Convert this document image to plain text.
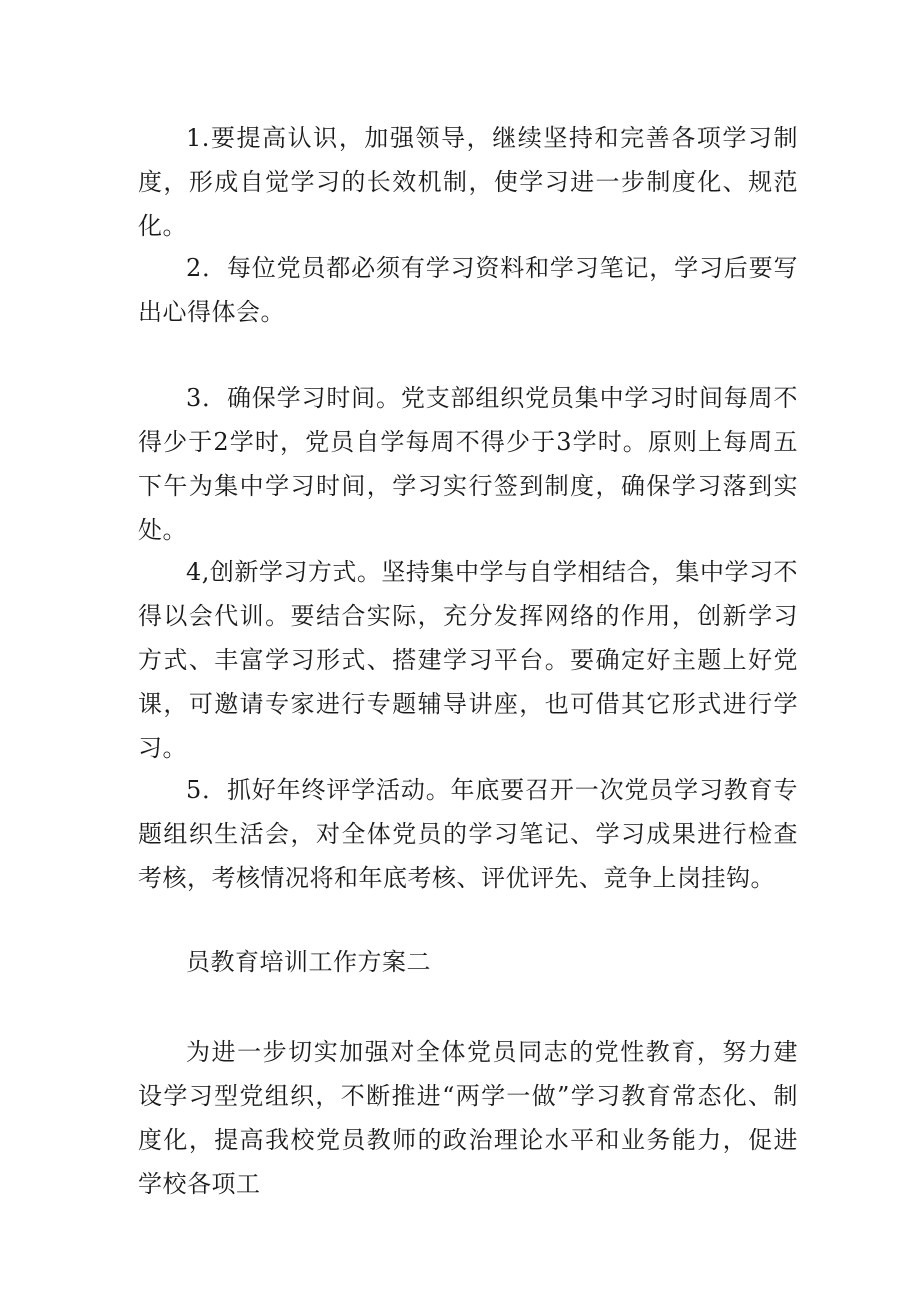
1.要提高认识，加强领导，继续坚持和完善各项学习制度，形成自觉学习的长效机制，使学习进一步制度化、规范化。

2．每位党员都必须有学习资料和学习笔记，学习后要写出心得体会。

3．确保学习时间。党支部组织党员集中学习时间每周不得少于2学时，党员自学每周不得少于3学时。原则上每周五下午为集中学习时间，学习实行签到制度，确保学习落到实处。

4,创新学习方式。坚持集中学与自学相结合，集中学习不得以会代训。要结合实际，充分发挥网络的作用，创新学习方式、丰富学习形式、搭建学习平台。要确定好主题上好党课，可邀请专家进行专题辅导讲座，也可借其它形式进行学习。

5．抓好年终评学活动。年底要召开一次党员学习教育专题组织生活会，对全体党员的学习笔记、学习成果进行检查考核，考核情况将和年底考核、评优评先、竞争上岗挂钩。

员教育培训工作方案二

为进一步切实加强对全体党员同志的党性教育，努力建设学习型党组织，不断推进“两学一做”学习教育常态化、制度化，提高我校党员教师的政治理论水平和业务能力，促进学校各项工
